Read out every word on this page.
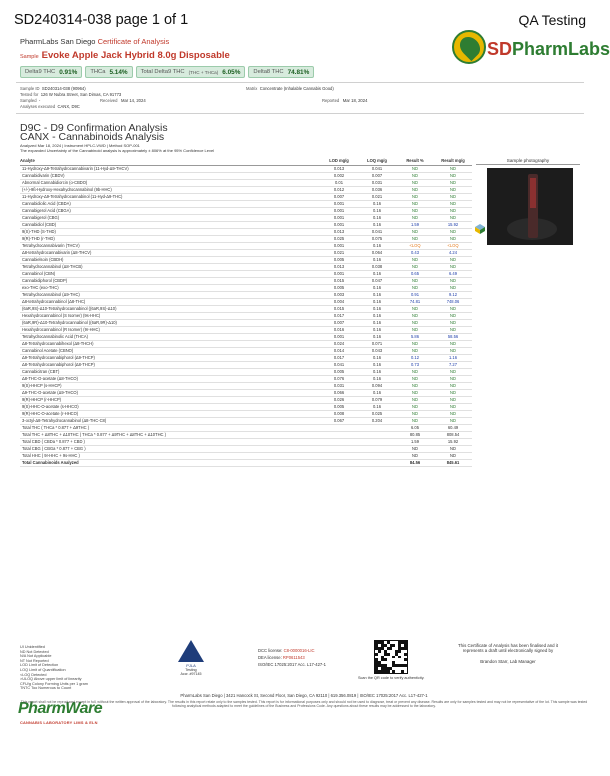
SD240314-038 page 1 of 1	QA Testing
PharmLabs San Diego Certificate of Analysis
Sample Evoke Apple Jack Hybrid 8.0g Disposable
Delta9 THC 0.91% THCa 5.14% Total Delta9 THC (THC + THCa) 6.05% Delta8 THC 74.81%
SDPharmLabs
Sample ID SD240314-038 (90964)	Matrix Concentrate (Inhalable Cannabis Good)
Tested for 126 W Nubra Street, San Dimas, CA 91773
Sampled -	Received Mar 14, 2024	Reported Mar 18, 2024
Analyses executed CANX, D9C
D9C - D9 Confirmation Analysis
CANX - Cannabinoids Analysis
Analyzed Mar 18, 2024 | Instrument HPLC-VWD | Method SOP-001
The expanded Uncertainty of the Cannabinoid analysis is approximately ± 806% at the 95% Confidence Level
Analyte	LOD mg/g	LOQ mg/g	Result %	Result mg/g
11-Hydroxy-Δ9-Tetrahydrocannabivarin (11-Hyd-Δ9-THCV)	0.013	0.041	ND	ND
Cannabidivarin (CBDV)	0.002	0.007	ND	ND
Abnormal Cannabidiorcin (o-CBDO)	0.01	0.031	ND	ND
(+/-)-9ß-Hydroxy-Hexahydrocannabinol (9b-HHC)	0.012	0.036	ND	ND
11-Hydroxy-Δ9-Tetrahydrocannabinol (11-Hyd-Δ9-THC)	0.007	0.021	ND	ND
Cannabidiolic Acid (CBDA)	0.001	0.16	ND	ND
Cannabigerol Acid (CBGA)	0.001	0.16	ND	ND
Cannabigerol (CBG)	0.001	0.16	ND	ND
Cannabidiol (CBD)	0.001	0.16	1.59	15.92
9(S)-THD (S-THD)	0.013	0.041	ND	ND
9(R)-THD (r-THD)	0.025	0.075	ND	ND
Tetrahydrocannabivarin (THCV)	0.001	0.16	<LOQ	<LOQ
Δ8-tetrahydrocannabivarin (Δ8-THCV)	0.021	0.064	0.43	4.24
Cannabielsoin (CBDH)	0.005	0.16	ND	ND
Tetrahydrocannabinol (Δ8-THCB)	0.013	0.038	ND	ND
Cannabinol (CBN)	0.001	0.16	0.65	6.49
Cannabidiphorol (CBDP)	0.015	0.047	ND	ND
exo-THC (exo-THC)	0.005	0.16	ND	ND
Tetrahydrocannabinol (Δ9-THC)	0.003	0.16	0.91	9.12
Δ8-tetrahydrocannabinol (Δ8-THC)	0.004	0.16	74.81	748.06
(6aR,9S)-Δ10-Tetrahydrocannabinol ((6aR,9S)-Δ10)	0.015	0.16	ND	ND
Hexahydrocannabinol (S Isomer) (9s-HHC)	0.017	0.16	ND	ND
(6aR,9R)-Δ10-Tetrahydrocannabinol ((6aR,9R)-Δ10)	0.007	0.16	ND	ND
Hexahydrocannabinol (R Isomer) (9r-HHC)	0.016	0.16	ND	ND
Tetrahydrocannabinolic Acid (THCA)	0.001	0.16	5.86	58.56
Δ8-Tetrahydrocannabihexol (Δ8-THCH)	0.024	0.071	ND	ND
Cannabinol Acetate (CBNO)	0.014	0.043	ND	ND
Δ9-Tetrahydrocannabiphorol (Δ9-THCP)	0.017	0.16	0.12	1.16
Δ8-Tetrahydrocannabiphorol (Δ8-THCP)	0.041	0.16	0.73	7.27
Cannabicitran (CBT)	0.005	0.16	ND	ND
Δ8-THC-O-acetate (Δ8-THCO)	0.076	0.16	ND	ND
9(S)-HHCP (s-HHCP)	0.031	0.094	ND	ND
Δ9-THC-O-acetate (Δ9-THCO)	0.066	0.16	ND	ND
9(R)-HHCP (r-HHCP)	0.026	0.079	ND	ND
9(S)-HHC-O-acetate (s-HHCO)	0.005	0.16	ND	ND
9(R)-HHC-O-acetate (r-HHCO)	0.008	0.025	ND	ND
3-octyl-Δ8-Tetrahydrocannabinol (Δ8-THC-C8)	0.067	0.204	ND	ND
Total THC ( THCa * 0.877 + Δ9THC )			6.05	60.49
Total THC + Δ8THC + Δ10THC ( THCa * 0.877 + Δ9THC + Δ8THC + Δ10THC )			80.85	808.54
Total CBD ( CBDa * 0.877 + CBD )			1.59	15.92
Total CBG ( CBGa * 0.877 + CBG )			ND	ND
Total HHC ( 9r-HHC + 9s-HHC )			ND	ND
Total Cannabinoids Analyzed			84.56	845.61
Sample photography
UI Unidentified
ND Not Detected
N/A Not Applicable
NT Not Reported
LOD Limit of Detection
LOQ Limit of Quantification
<LOQ Detected
>ULOQ Above upper limit of linearity
CFU/g Colony Forming Units per 1 gram
TNTC Too Numerous to Count
PharmWare
CANNABIS LABORATORY LIMS & ELN
PJLA
Testing
Accr. #97145
DCC license: C8-0000016-LIC
DEA license: RP0611543
ISO/IEC 17025:2017 Acc. L17-427-1
Scan the QR code to verify authenticity.
This Certificate of Analysis has been finalised and it
represents a draft until electronically signed by
Brandon Starr, Lab Manager
PharmLabs San Diego | 3421 Hancock St, Second Floor, San Diego, CA 92110 | 619.356.0819 | ISO/IEC 17025:2017 Acc. L17-427-1
This report shall not be reproduced except in full, without the written approval of the laboratory. The results in this report relate only to the samples tested. This report is for informational purposes only and should not be used to diagnose, treat or prevent any disease. Results are only for samples tested and may not be representative of the lot. This sample was tested following analytical methods adapted to meet the guidelines of the Business and Professions Code. Any questions about these results may be addressed to the laboratory.
